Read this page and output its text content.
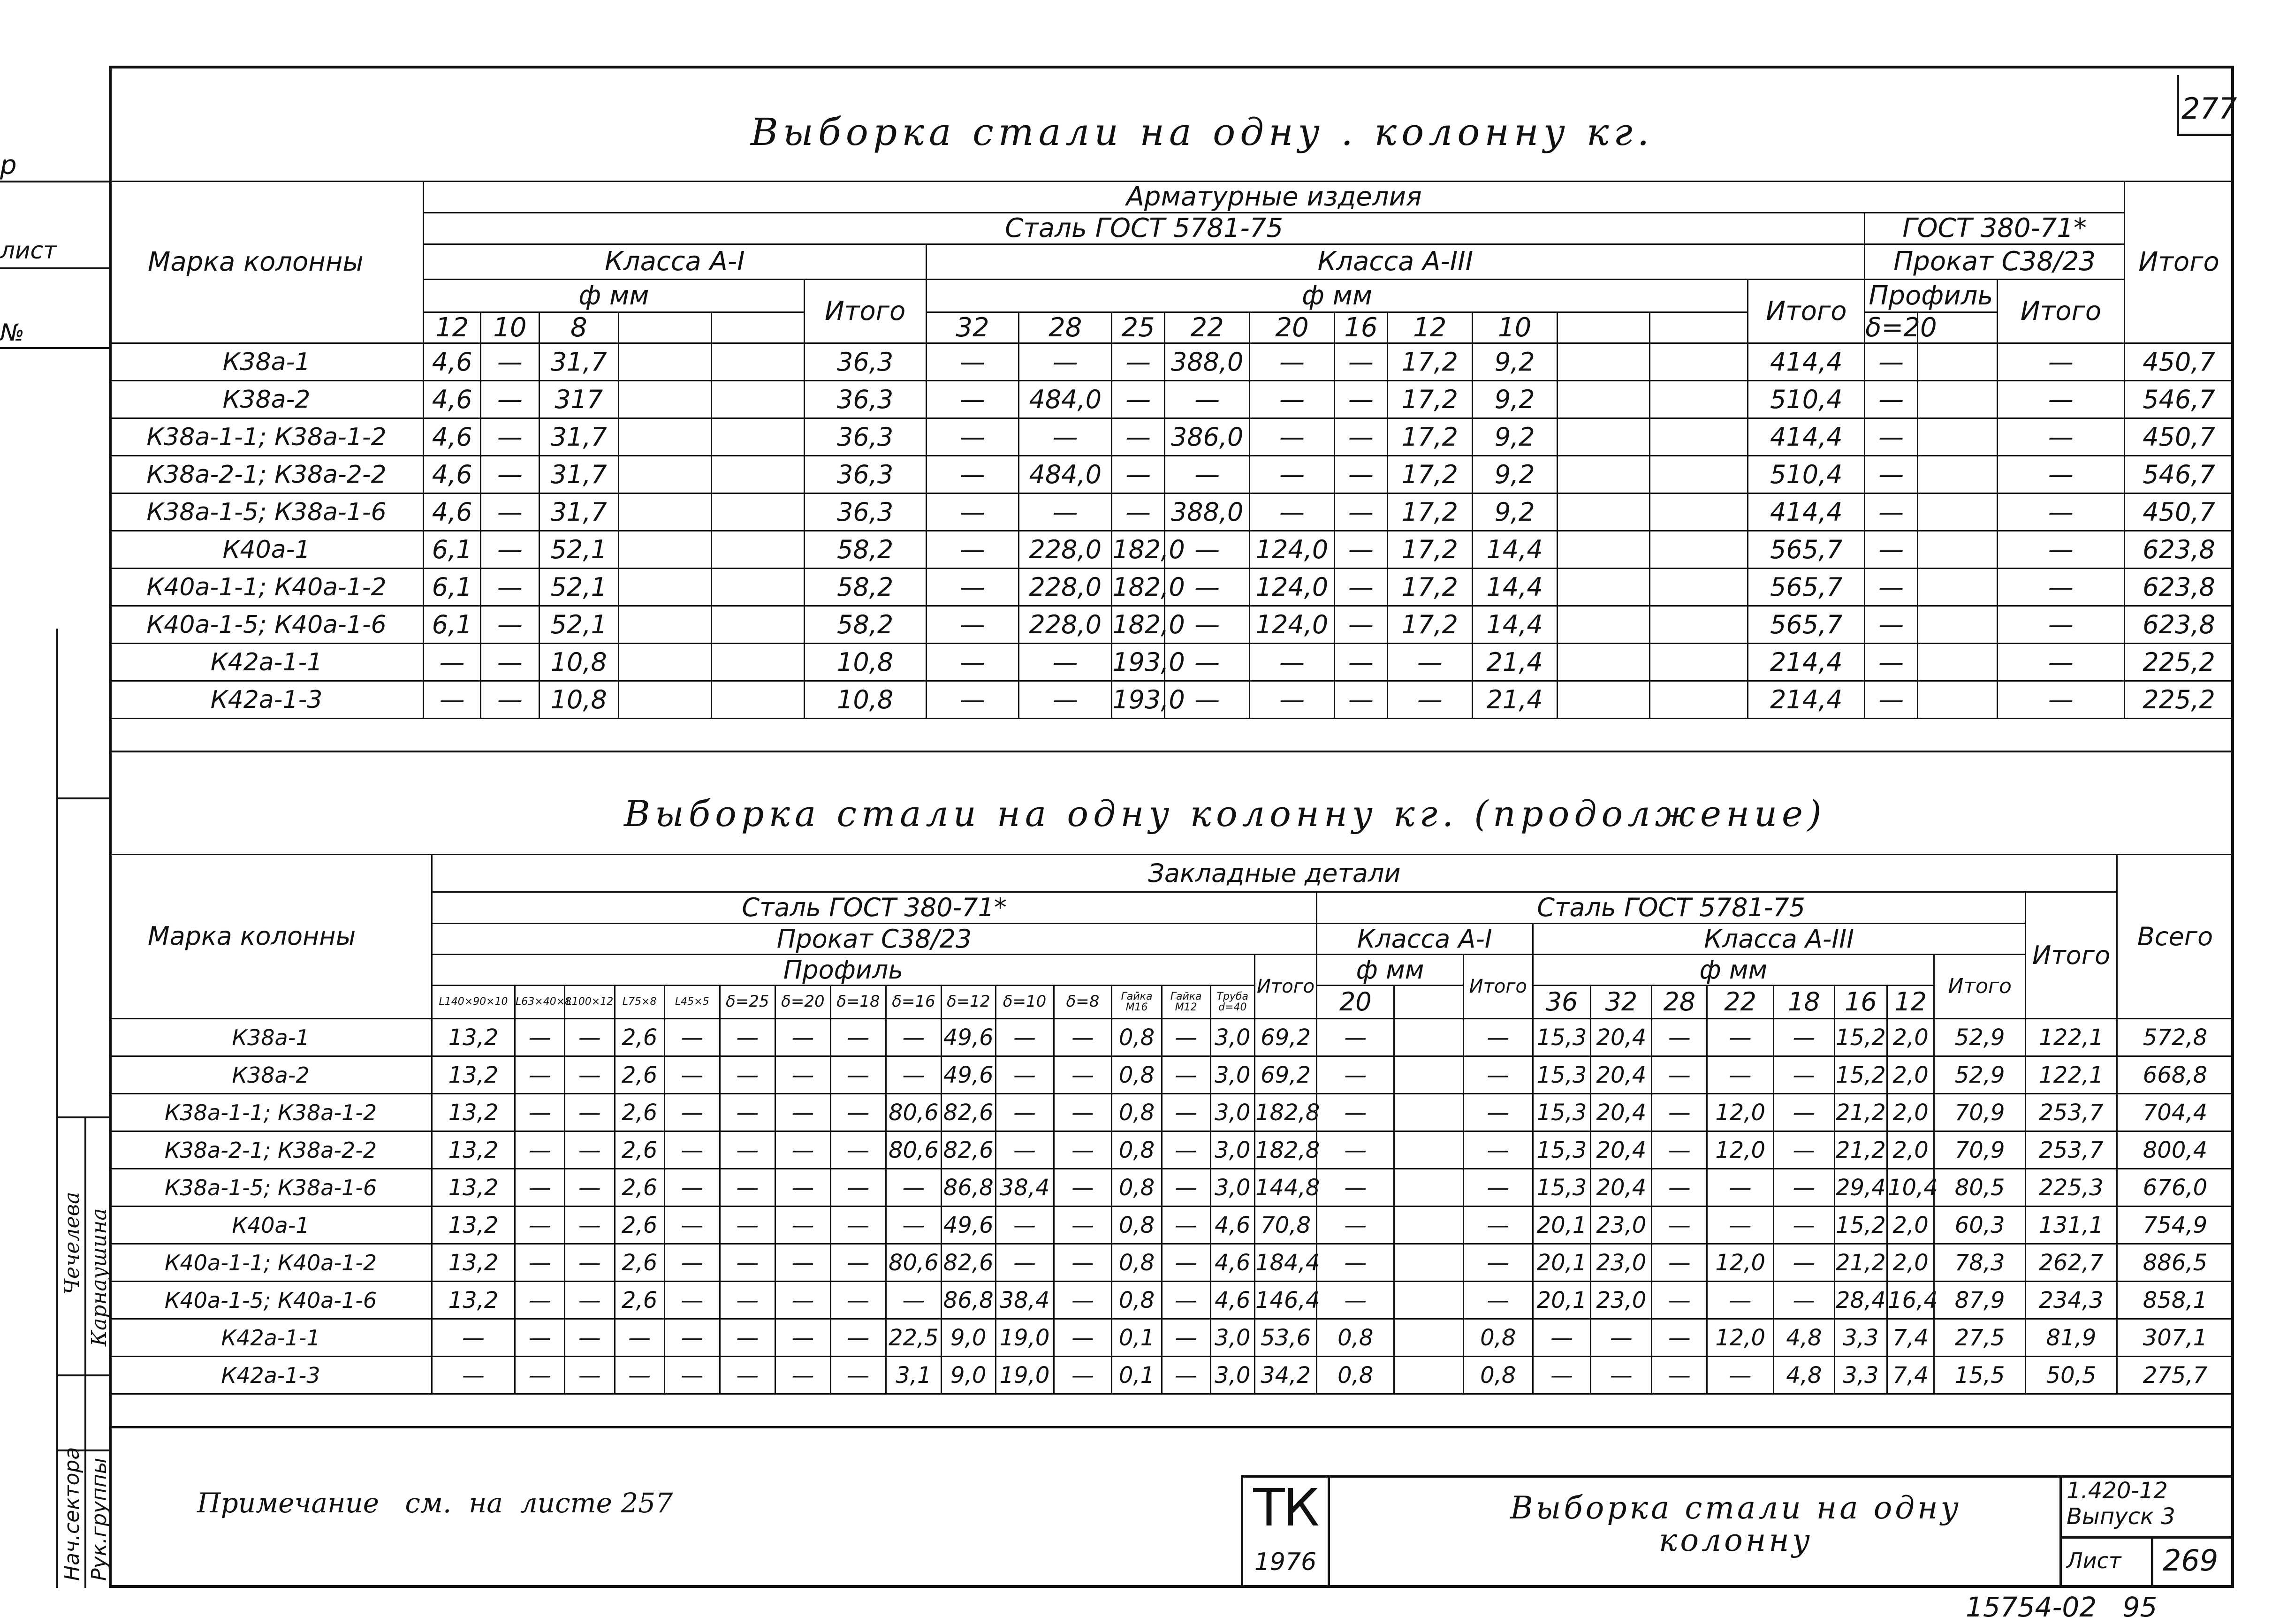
р
лист
№
Нач.сектора Рук.группы
Чечелева Карнаушина
277
Выборка стали на одну . колонну кг.
Марка колонны	Арматурные изделия																				Итого
	Сталь ГОСТ 5781-75																	ГОСТ 380-71*			
	Класса А-I						Класса А-III											Прокат С38/23			
	ф мм					Итого	ф мм										Итого	Профиль		Итого	
	12	10	8				32	28	25	22	20	16	12	10				δ=20			
К38а-1	4,6	—	31,7			36,3	—	—	—	388,0	—	—	17,2	9,2			414,4	—		—	450,7
К38а-2	4,6	—	317			36,3	—	484,0	—	—	—	—	17,2	9,2			510,4	—		—	546,7
К38а-1-1; К38а-1-2	4,6	—	31,7			36,3	—	—	—	386,0	—	—	17,2	9,2			414,4	—		—	450,7
К38а-2-1; К38а-2-2	4,6	—	31,7			36,3	—	484,0	—	—	—	—	17,2	9,2			510,4	—		—	546,7
К38а-1-5; К38а-1-6	4,6	—	31,7			36,3	—	—	—	388,0	—	—	17,2	9,2			414,4	—		—	450,7
К40а-1	6,1	—	52,1			58,2	—	228,0	182,0	—	124,0	—	17,2	14,4			565,7	—		—	623,8
К40а-1-1; К40а-1-2	6,1	—	52,1			58,2	—	228,0	182,0	—	124,0	—	17,2	14,4			565,7	—		—	623,8
К40а-1-5; К40а-1-6	6,1	—	52,1			58,2	—	228,0	182,0	—	124,0	—	17,2	14,4			565,7	—		—	623,8
К42а-1-1	—	—	10,8			10,8	—	—	193,0	—	—	—	—	21,4			214,4	—		—	225,2
К42а-1-3	—	—	10,8			10,8	—	—	193,0	—	—	—	—	21,4			214,4	—		—	225,2
Выборка стали на одну колонну кг. (продолжение)
Марка колонны	Закладные детали																												Всего
	Сталь ГОСТ 380-71*																Сталь ГОСТ 5781-75											Итого	
	Прокат С38/23																Класса А-I			Класса А-III									
	Профиль															Итого	ф мм		Итого	ф мм							Итого		
	L140×90×10	L63×40×8	L100×12	L75×8	L45×5	δ=25	δ=20	δ=18	δ=16	δ=12	δ=10	δ=8	Гайка М16	Гайка М12	Труба d=40		20			36	32	28	22	18	16	12			
К38а-1	13,2	—	—	2,6	—	—	—	—	—	49,6	—	—	0,8	—	3,0	69,2	—		—	15,3	20,4	—	—	—	15,2	2,0	52,9	122,1	572,8
К38а-2	13,2	—	—	2,6	—	—	—	—	—	49,6	—	—	0,8	—	3,0	69,2	—		—	15,3	20,4	—	—	—	15,2	2,0	52,9	122,1	668,8
К38а-1-1; К38а-1-2	13,2	—	—	2,6	—	—	—	—	80,6	82,6	—	—	0,8	—	3,0	182,8	—		—	15,3	20,4	—	12,0	—	21,2	2,0	70,9	253,7	704,4
К38а-2-1; К38а-2-2	13,2	—	—	2,6	—	—	—	—	80,6	82,6	—	—	0,8	—	3,0	182,8	—		—	15,3	20,4	—	12,0	—	21,2	2,0	70,9	253,7	800,4
К38а-1-5; К38а-1-6	13,2	—	—	2,6	—	—	—	—	—	86,8	38,4	—	0,8	—	3,0	144,8	—		—	15,3	20,4	—	—	—	29,4	10,4	80,5	225,3	676,0
К40а-1	13,2	—	—	2,6	—	—	—	—	—	49,6	—	—	0,8	—	4,6	70,8	—		—	20,1	23,0	—	—	—	15,2	2,0	60,3	131,1	754,9
К40а-1-1; К40а-1-2	13,2	—	—	2,6	—	—	—	—	80,6	82,6	—	—	0,8	—	4,6	184,4	—		—	20,1	23,0	—	12,0	—	21,2	2,0	78,3	262,7	886,5
К40а-1-5; К40а-1-6	13,2	—	—	2,6	—	—	—	—	—	86,8	38,4	—	0,8	—	4,6	146,4	—		—	20,1	23,0	—	—	—	28,4	16,4	87,9	234,3	858,1
К42а-1-1	—	—	—	—	—	—	—	—	22,5	9,0	19,0	—	0,1	—	3,0	53,6	0,8		0,8	—	—	—	12,0	4,8	3,3	7,4	27,5	81,9	307,1
К42а-1-3	—	—	—	—	—	—	—	—	3,1	9,0	19,0	—	0,1	—	3,0	34,2	0,8		0,8	—	—	—	—	4,8	3,3	7,4	15,5	50,5	275,7
Примечание   см.  на  листе 257	ТК
1976
Выборка стали на одну колонну
1.420-12
Выпуск 3
Лист 269
15754-02   95
